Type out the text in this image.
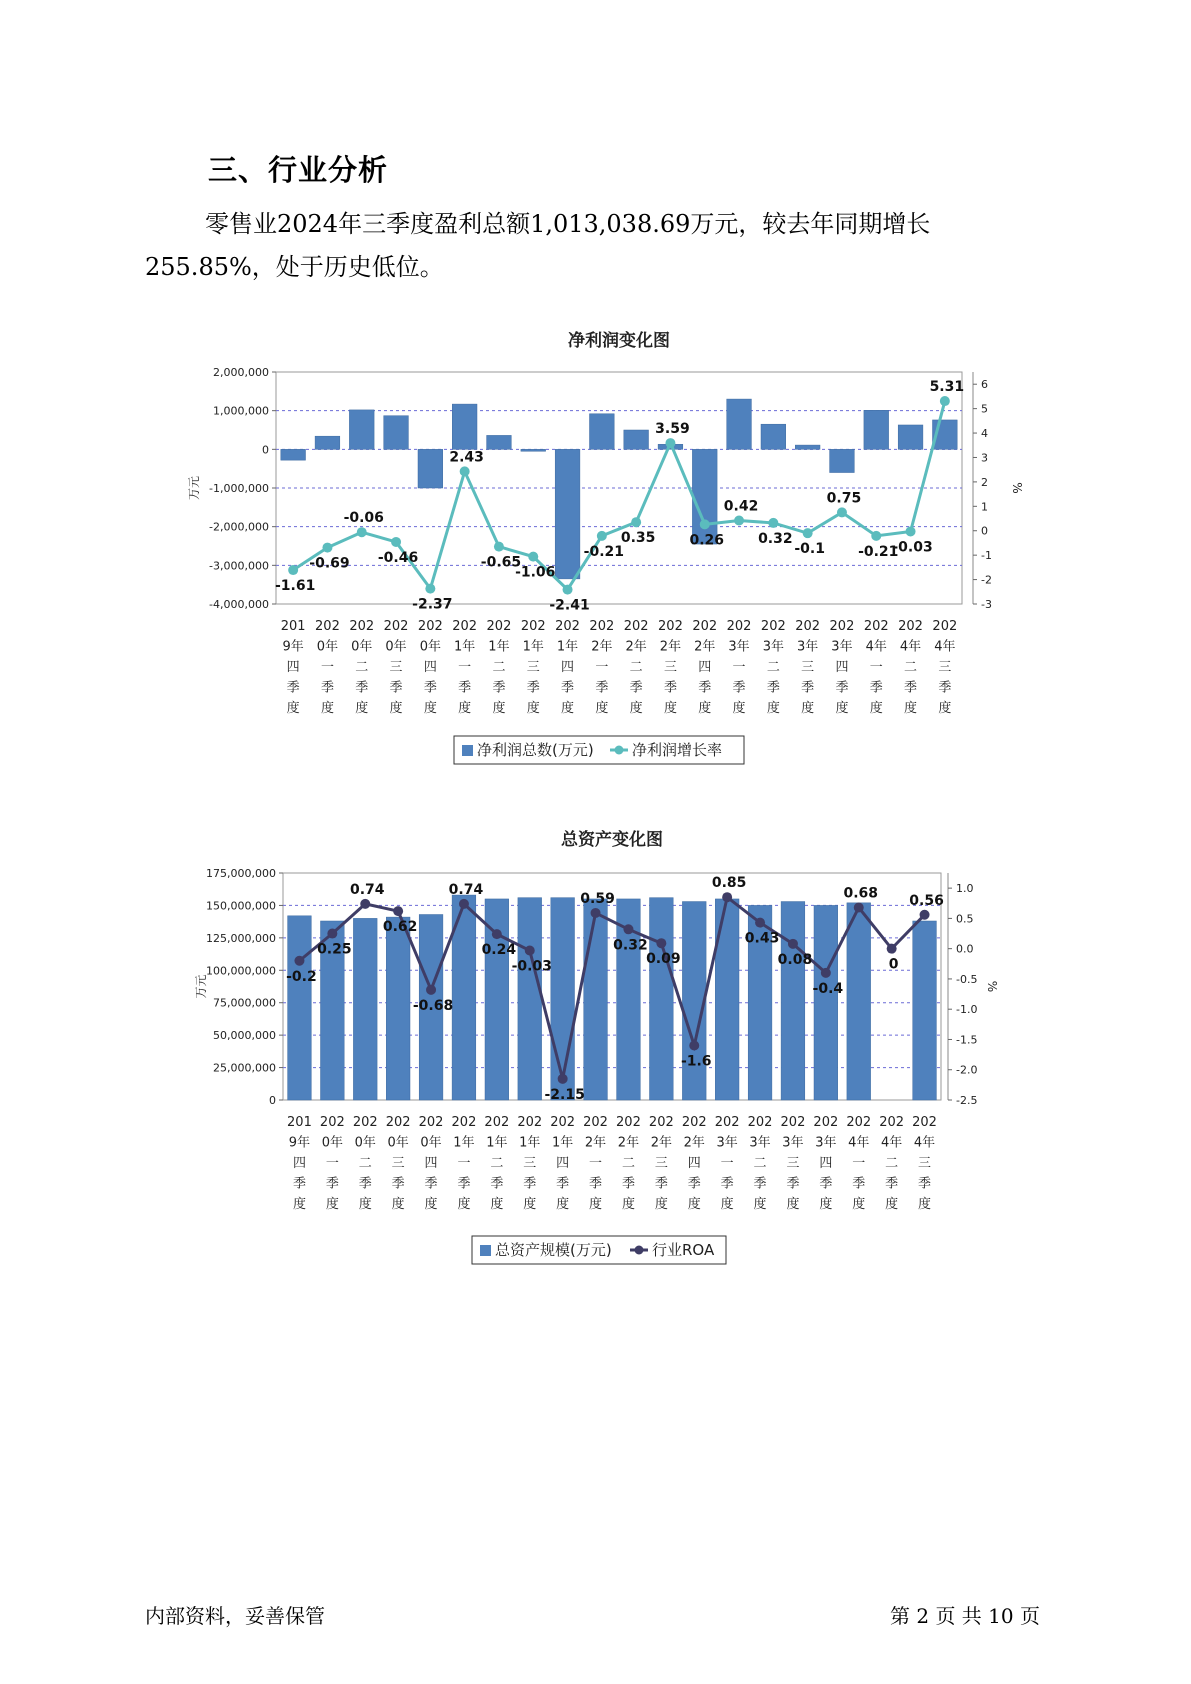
三、行业分析
零售业2024年三季度盈利总额1,013,038.69万元，较去年同期增长255.85%，处于历史低位。
净利润变化图
2,000,000
1,000,000
0
-1,000,000
-2,000,000
-3,000,000
-4,000,000
6
5
4
3
2
1
0
-1
-2
-3
万元	%
-1.61
-0.69
-0.06
-0.46
-2.37
2.43
-0.65
-1.06
-2.41
-0.21
0.35
3.59
0.26
0.42
0.32
-0.1
0.75
-0.21
-0.03
5.31
201 9年四季度
202 0年一季度
202 0年二季度
202 0年三季度
202 0年四季度
202 1年一季度
202 1年二季度
202 1年三季度
202 1年四季度
202 2年一季度
202 2年二季度
202 2年三季度
202 2年四季度
202 3年一季度
202 3年二季度
202 3年三季度
202 3年四季度
202 4年一季度
202 4年二季度
202 4年三季度
净利润总数(万元)	净利润增长率
总资产变化图
175,000,000
150,000,000
125,000,000
100,000,000
75,000,000
50,000,000
25,000,000
0
1.0
0.5
0.0
-0.5
-1.0
-1.5
-2.0
-2.5
万元	%
-0.2
0.25
0.74
0.62
-0.68
0.74
0.24
-0.03
-2.15
0.59
0.32
0.09
-1.6
0.85
0.43
0.08
-0.4
0.68
0
0.56
201 9年四季度
202 0年一季度
202 0年二季度
202 0年三季度
202 0年四季度
202 1年一季度
202 1年二季度
202 1年三季度
202 1年四季度
202 2年一季度
202 2年二季度
202 2年三季度
202 2年四季度
202 3年一季度
202 3年二季度
202 3年三季度
202 3年四季度
202 4年一季度
202 4年二季度
202 4年三季度
总资产规模(万元)	行业ROA
内部资料，妥善保管	第 2 页 共 10 页
